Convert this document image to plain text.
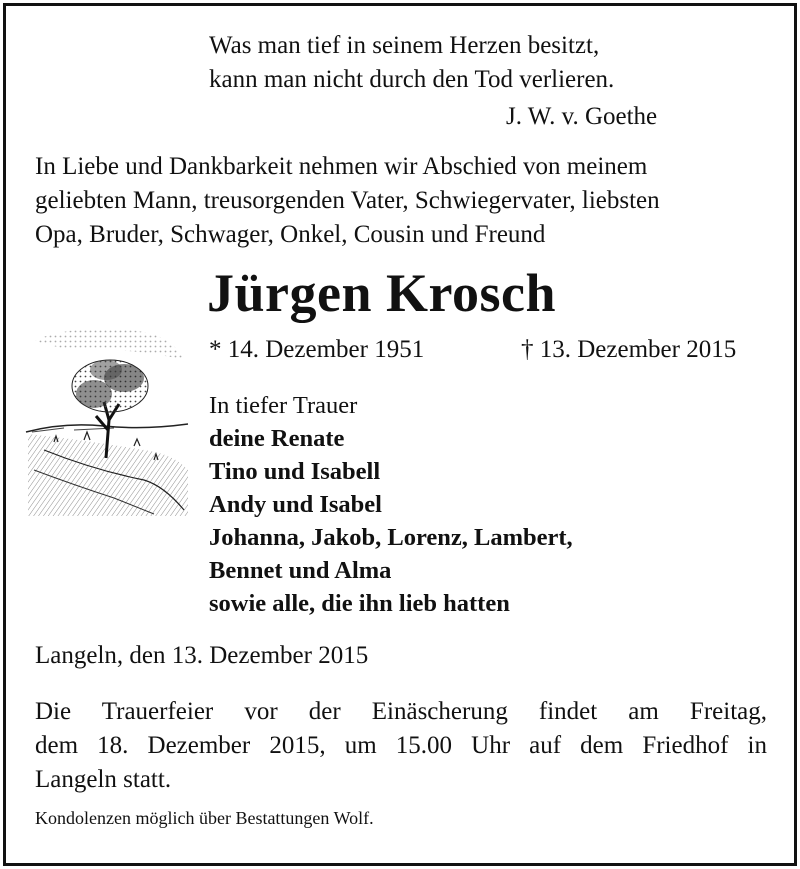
Was man tief in seinem Herzen besitzt,
kann man nicht durch den Tod verlieren.
J. W. v. Goethe
In Liebe und Dankbarkeit nehmen wir Abschied von meinem
geliebten Mann, treusorgenden Vater, Schwiegervater, liebsten
Opa, Bruder, Schwager, Onkel, Cousin und Freund
Jürgen Krosch
* 14. Dezember 1951	† 13. Dezember 2015
In tiefer Trauer
deine Renate
Tino und Isabell
Andy und Isabel
Johanna, Jakob, Lorenz, Lambert,
Bennet und Alma
sowie alle, die ihn lieb hatten
Langeln, den 13. Dezember 2015
Die Trauerfeier vor der Einäscherung findet am Freitag,
dem 18. Dezember 2015, um 15.00 Uhr auf dem Friedhof in
Langeln statt.
Kondolenzen möglich über Bestattungen Wolf.
